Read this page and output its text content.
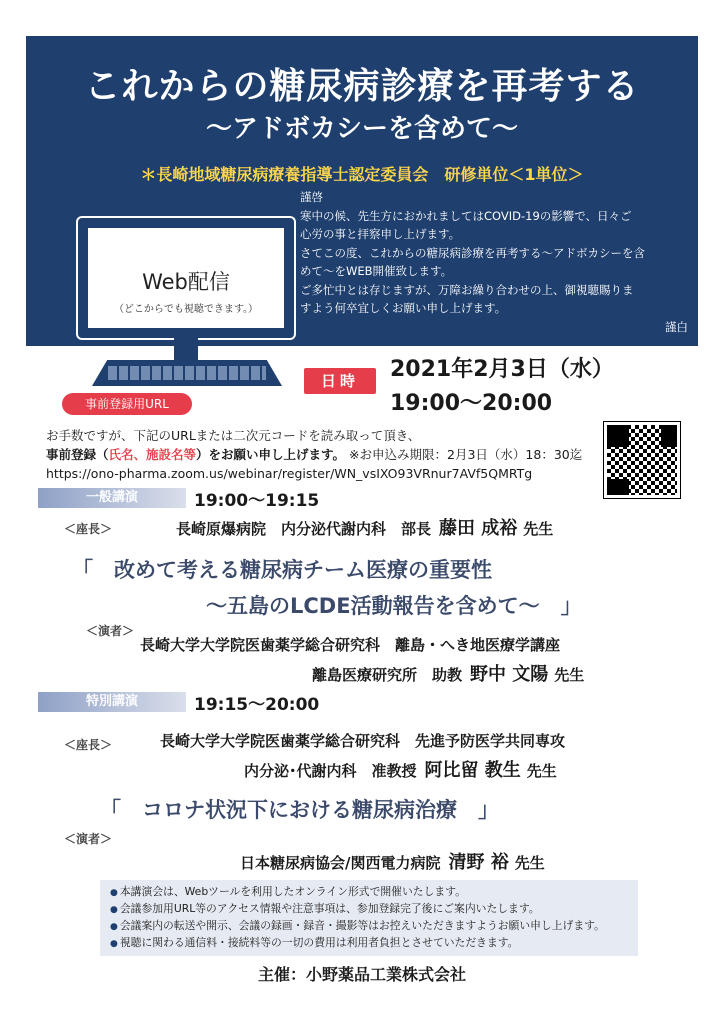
これからの糖尿病診療を再考する
～アドボカシーを含めて～
＊長崎地域糖尿病療養指導士認定委員会　研修単位＜1単位＞

謹啓

寒中の候、先生方におかれましてはCOVID-19の影響で、日々ご

心労の事と拝察申し上げます。

さてこの度、これからの糖尿病診療を再考する～アドボカシーを含

めて～をWEB開催致します。

ご多忙中とは存じますが、万障お繰り合わせの上、御視聴賜りま

すよう何卒宜しくお願い申し上げます。

謹白

Web配信
（どこからでも視聴できます。）
日時	2021年2月3日（水）
19:00～20:00
事前登録用URL

お手数ですが、下記のURLまたは二次元コードを読み取って頂き、

事前登録（氏名、施設名等）をお願い申し上げます。 ※お申込み期限：2月3日（水）18：30迄

https://ono-pharma.zoom.us/webinar/register/WN_vsIXO93VRnur7AVf5QMRTg

一般講演	19:00～19:15
＜座長＞	長崎原爆病院　内分泌代謝内科　部長 藤田 成裕 先生
「　改めて考える糖尿病チーム医療の重要性
～五島のLCDE活動報告を含めて～　」
＜演者＞
長崎大学大学院医歯薬学総合研究科　離島・へき地医療学講座
離島医療研究所　助教 野中 文陽 先生
特別講演	19:15～20:00
＜座長＞	長崎大学大学院医歯薬学総合研究科　先進予防医学共同専攻
内分泌･代謝内科　准教授 阿比留 教生 先生
「　コロナ状況下における糖尿病治療　」
＜演者＞
日本糖尿病協会/関西電力病院 清野 裕 先生
● 本講演会は、Webツールを利用したオンライン形式で開催いたします。
● 会議参加用URL等のアクセス情報や注意事項は、参加登録完了後にご案内いたします。
● 会議案内の転送や開示、会議の録画・録音・撮影等はお控えいただきますようお願い申し上げます。
● 視聴に関わる通信料・接続料等の一切の費用は利用者負担とさせていただきます。
主催：小野薬品工業株式会社
